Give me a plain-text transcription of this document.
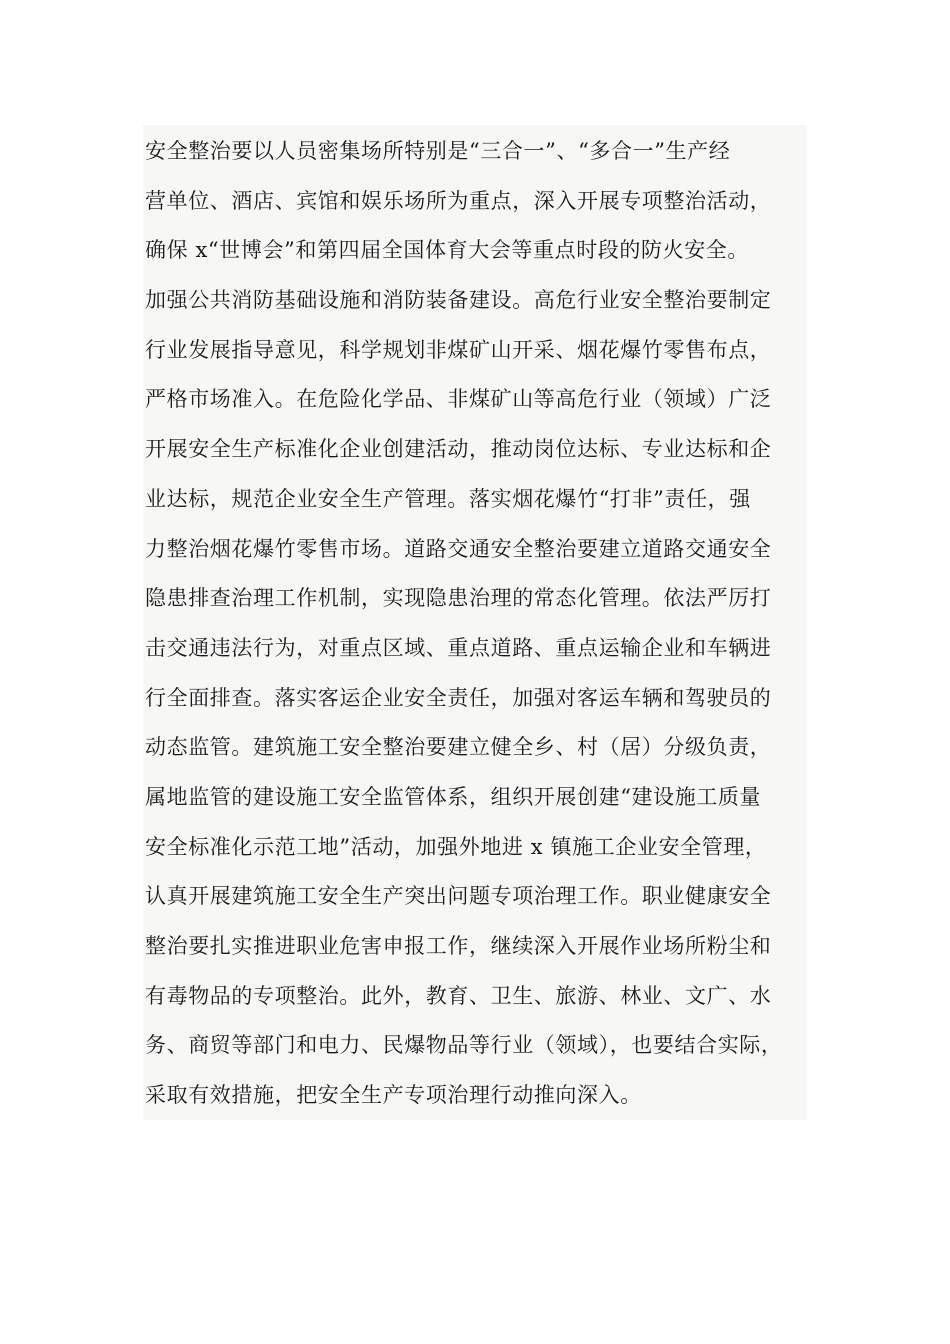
安全整治要以人员密集场所特别是“三合一”、“多合一”生产经
营单位、酒店、宾馆和娱乐场所为重点，深入开展专项整治活动，
确保 x“世博会”和第四届全国体育大会等重点时段的防火安全。
加强公共消防基础设施和消防装备建设。高危行业安全整治要制定
行业发展指导意见，科学规划非煤矿山开采、烟花爆竹零售布点，
严格市场准入。在危险化学品、非煤矿山等高危行业（领域）广泛
开展安全生产标准化企业创建活动，推动岗位达标、专业达标和企
业达标，规范企业安全生产管理。落实烟花爆竹“打非”责任，强
力整治烟花爆竹零售市场。道路交通安全整治要建立道路交通安全
隐患排查治理工作机制，实现隐患治理的常态化管理。依法严厉打
击交通违法行为，对重点区域、重点道路、重点运输企业和车辆进
行全面排查。落实客运企业安全责任，加强对客运车辆和驾驶员的
动态监管。建筑施工安全整治要建立健全乡、村（居）分级负责，
属地监管的建设施工安全监管体系，组织开展创建“建设施工质量
安全标准化示范工地”活动，加强外地进 x 镇施工企业安全管理，
认真开展建筑施工安全生产突出问题专项治理工作。职业健康安全
整治要扎实推进职业危害申报工作，继续深入开展作业场所粉尘和
有毒物品的专项整治。此外，教育、卫生、旅游、林业、文广、水
务、商贸等部门和电力、民爆物品等行业（领域），也要结合实际，
采取有效措施，把安全生产专项治理行动推向深入。
